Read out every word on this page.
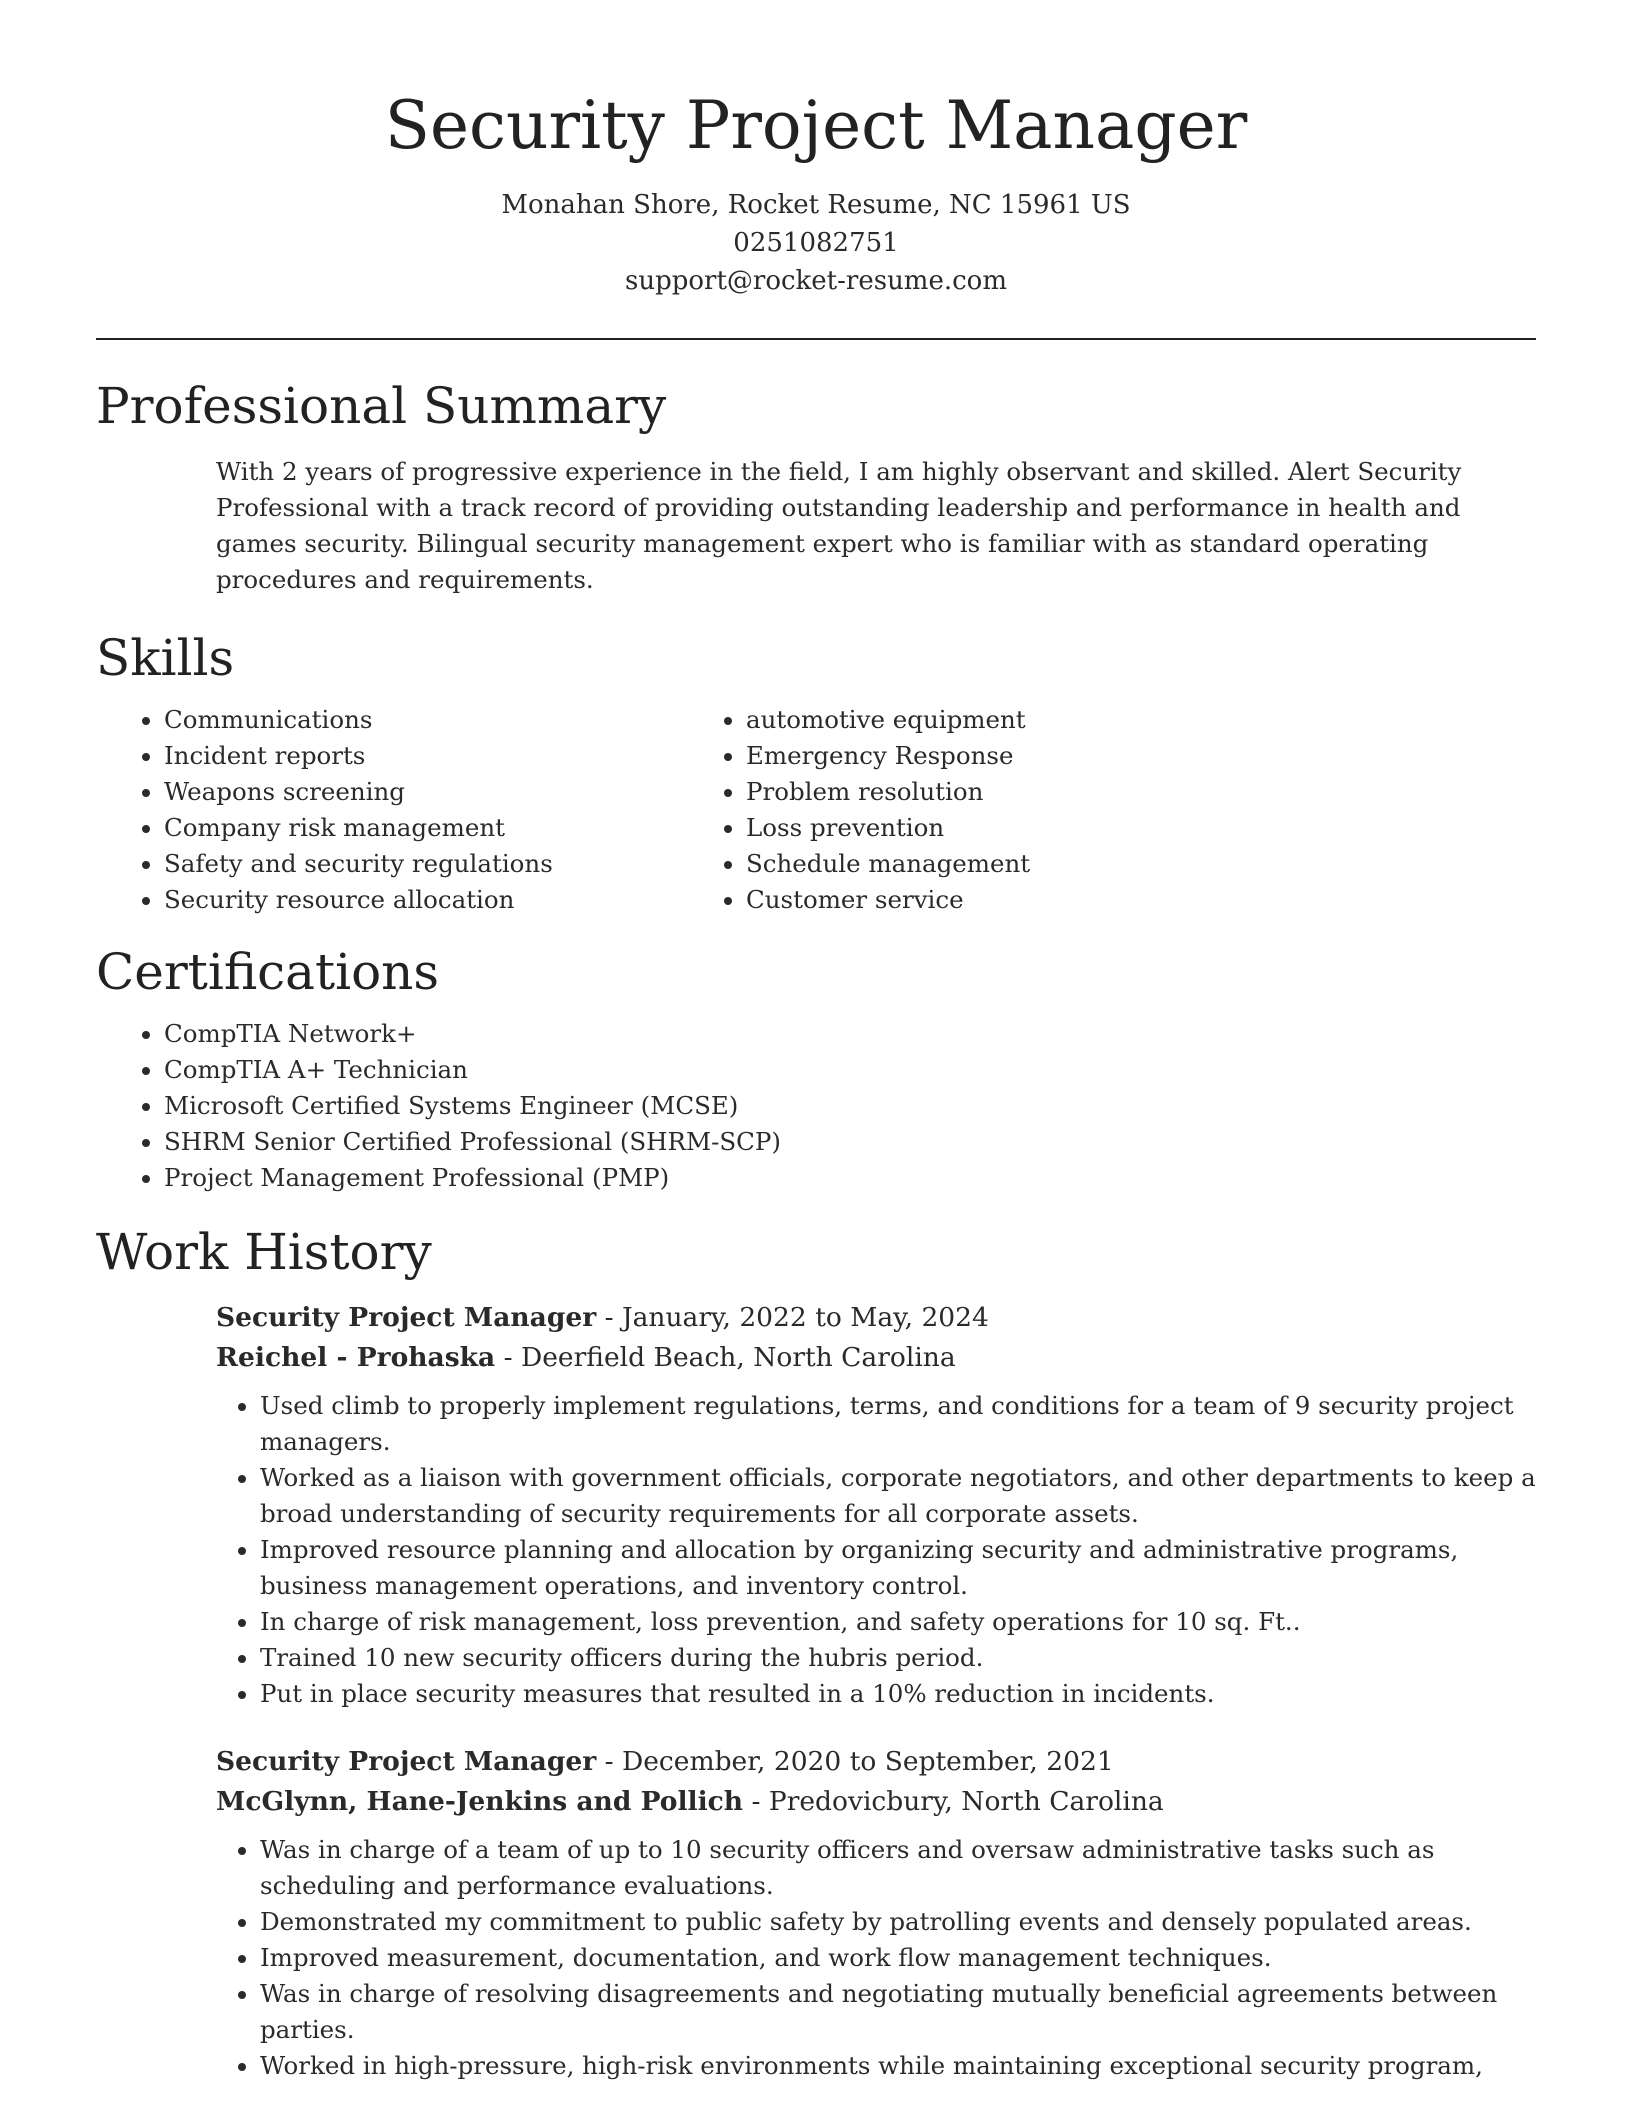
Security Project Manager
Monahan Shore, Rocket Resume, NC 15961 US
0251082751
support@rocket-resume.com
Professional Summary

With 2 years of progressive experience in the field, I am highly observant and skilled. Alert Security Professional with a track record of providing outstanding leadership and performance in health and games security. Bilingual security management expert who is familiar with as standard operating procedures and requirements.

Skills
• Communications
• Incident reports
• Weapons screening
• Company risk management
• Safety and security regulations
• Security resource allocation
• automotive equipment
• Emergency Response
• Problem resolution
• Loss prevention
• Schedule management
• Customer service
Certifications
• CompTIA Network+
• CompTIA A+ Technician
• Microsoft Certified Systems Engineer (MCSE)
• SHRM Senior Certified Professional (SHRM-SCP)
• Project Management Professional (PMP)
Work History
Security Project Manager - January, 2022 to May, 2024
Reichel - Prohaska - Deerfield Beach, North Carolina
• Used climb to properly implement regulations, terms, and conditions for a team of 9 security project managers.
• Worked as a liaison with government officials, corporate negotiators, and other departments to keep a broad understanding of security requirements for all corporate assets.
• Improved resource planning and allocation by organizing security and administrative programs, business management operations, and inventory control.
• In charge of risk management, loss prevention, and safety operations for 10 sq. Ft..
• Trained 10 new security officers during the hubris period.
• Put in place security measures that resulted in a 10% reduction in incidents.
Security Project Manager - December, 2020 to September, 2021
McGlynn, Hane-Jenkins and Pollich - Predovicbury, North Carolina
• Was in charge of a team of up to 10 security officers and oversaw administrative tasks such as scheduling and performance evaluations.
• Demonstrated my commitment to public safety by patrolling events and densely populated areas.
• Improved measurement, documentation, and work flow management techniques.
• Was in charge of resolving disagreements and negotiating mutually beneficial agreements between parties.
• Worked in high-pressure, high-risk environments while maintaining exceptional security program,
